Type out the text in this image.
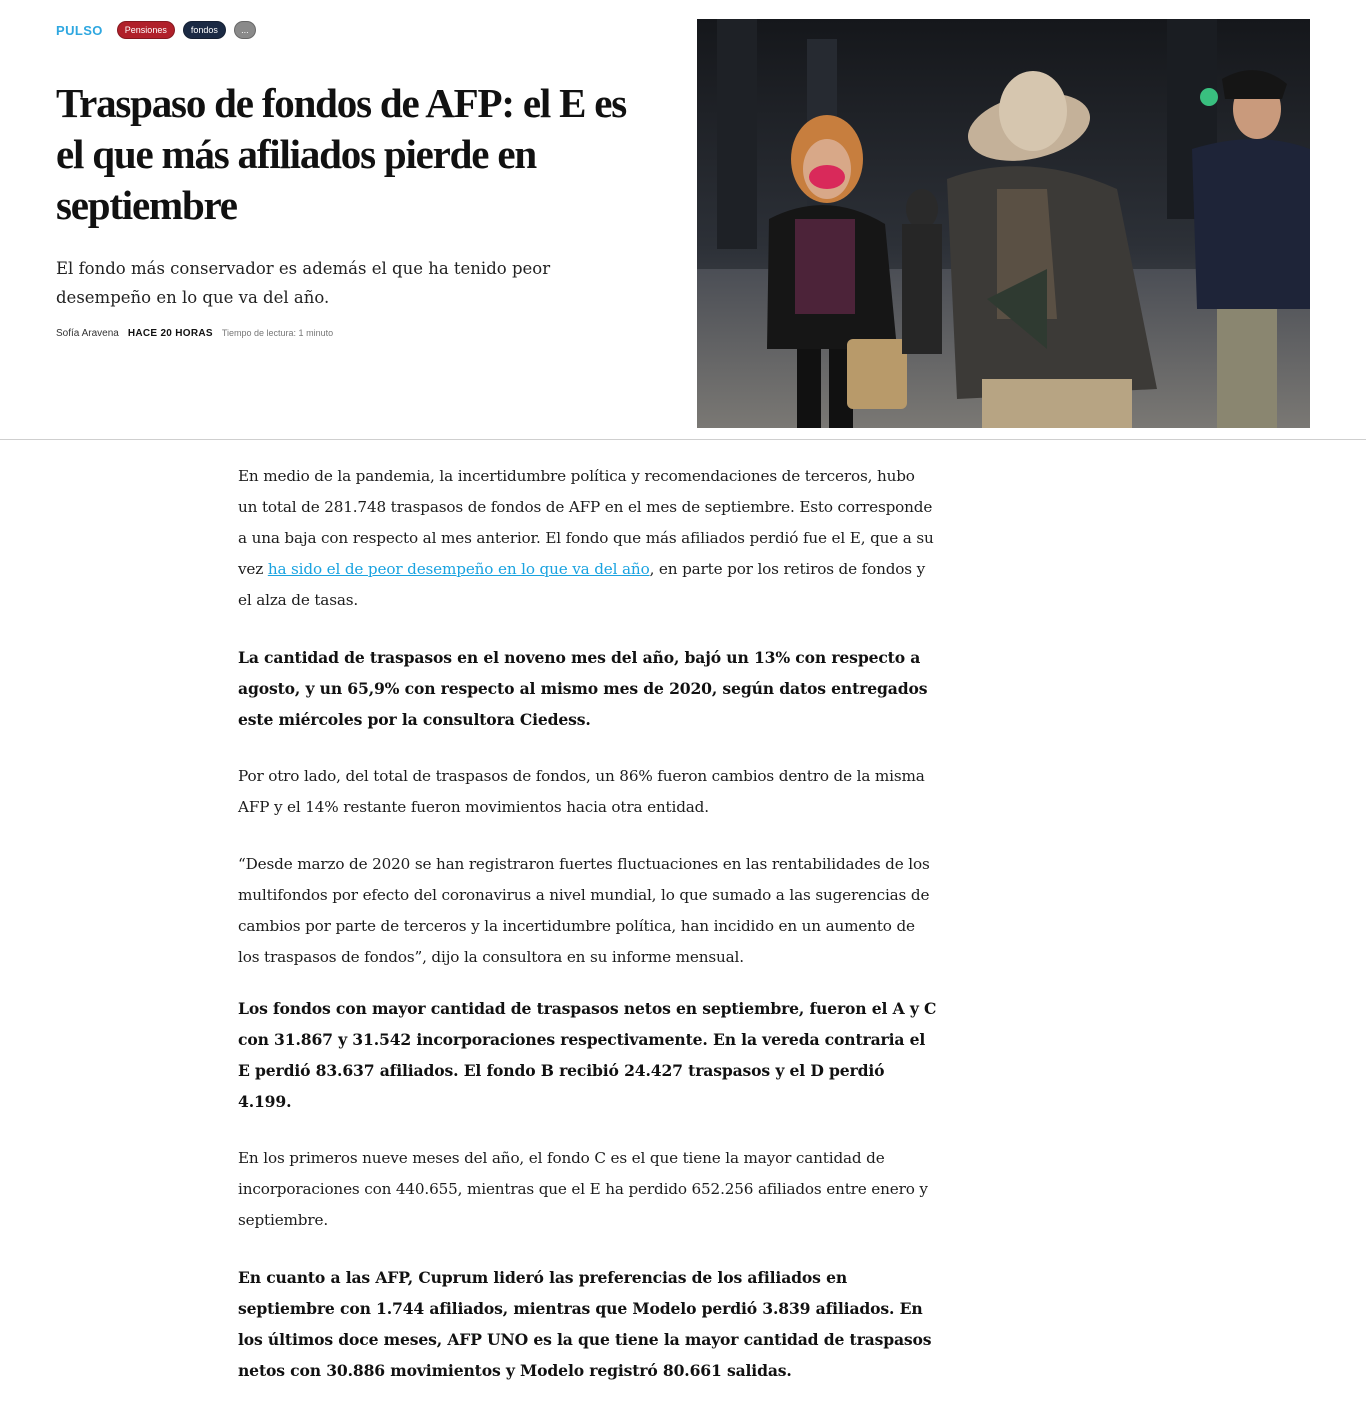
PULSO	Pensiones	fondos	...
Traspaso de fondos de AFP: el E es el que más afiliados pierde en septiembre

El fondo más conservador es además el que ha tenido peor desempeño en lo que va del año.

Sofía Aravena HACE 20 HORAS Tiempo de lectura: 1 minuto

En medio de la pandemia, la incertidumbre política y recomendaciones de terceros, hubo un total de 281.748 traspasos de fondos de AFP en el mes de septiembre. Esto corresponde a una baja con respecto al mes anterior. El fondo que más afiliados perdió fue el E, que a su vez ha sido el de peor desempeño en lo que va del año, en parte por los retiros de fondos y el alza de tasas.

La cantidad de traspasos en el noveno mes del año, bajó un 13% con respecto a agosto, y un 65,9% con respecto al mismo mes de 2020, según datos entregados este miércoles por la consultora Ciedess.

Por otro lado, del total de traspasos de fondos, un 86% fueron cambios dentro de la misma AFP y el 14% restante fueron movimientos hacia otra entidad.

“Desde marzo de 2020 se han registraron fuertes fluctuaciones en las rentabilidades de los multifondos por efecto del coronavirus a nivel mundial, lo que sumado a las sugerencias de cambios por parte de terceros y la incertidumbre política, han incidido en un aumento de los traspasos de fondos”, dijo la consultora en su informe mensual.

Los fondos con mayor cantidad de traspasos netos en septiembre, fueron el A y C con 31.867 y 31.542 incorporaciones respectivamente. En la vereda contraria el E perdió 83.637 afiliados. El fondo B recibió 24.427 traspasos y el D perdió 4.199.

En los primeros nueve meses del año, el fondo C es el que tiene la mayor cantidad de incorporaciones con 440.655, mientras que el E ha perdido 652.256 afiliados entre enero y septiembre.

En cuanto a las AFP, Cuprum lideró las preferencias de los afiliados en septiembre con 1.744 afiliados, mientras que Modelo perdió 3.839 afiliados. En los últimos doce meses, AFP UNO es la que tiene la mayor cantidad de traspasos netos con 30.886 movimientos y Modelo registró 80.661 salidas.
